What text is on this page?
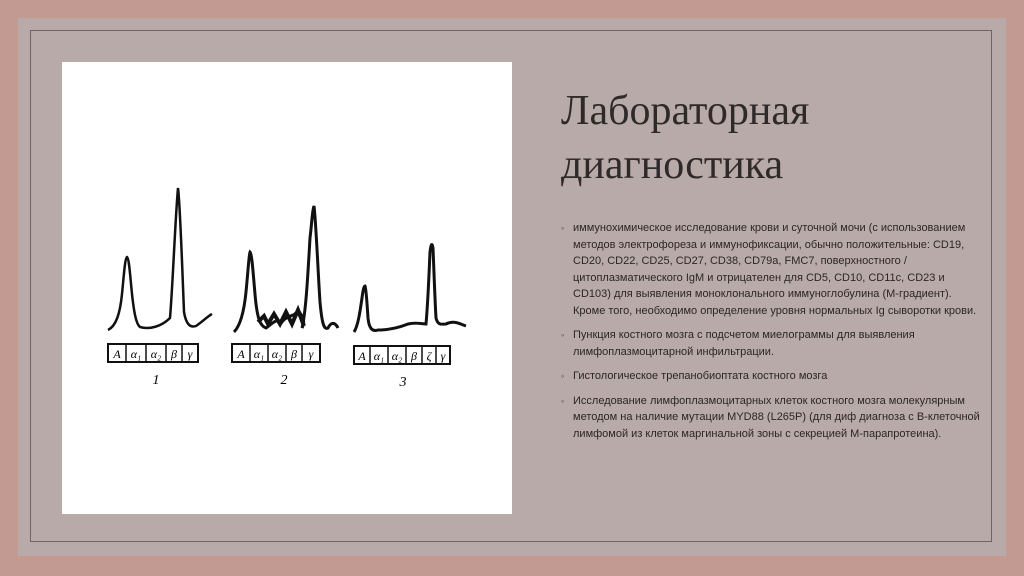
A α₁ α₂ β γ
1
A α₁ α₂ β γ
2
A α₁ α₂ β ζ γ
3
Лабораторная
диагностика
◦ иммунохимическое исследование крови и суточной мочи (с использованием методов электрофореза и иммунофиксации, обычно положительные: CD19, CD20, CD22, CD25, CD27, CD38, CD79a, FMC7, поверхностного / цитоплазматического IgM и отрицателен для CD5, CD10, CD11c, CD23 и CD103) для выявления моноклонального иммуноглобулина (М-градиент). Кроме того, необходимо определение уровня нормальных Ig сыворотки крови.
◦ Пункция костного мозга с подсчетом миелограммы для выявления лимфоплазмоцитарной инфильтрации.
◦ Гистологическое трепанобиоптата костного мозга
◦ Исследование лимфоплазмоцитарных клеток костного мозга молекулярным методом на наличие мутации MYD88 (L265P) (для диф диагноза с В-клеточной лимфомой из клеток маргинальной зоны с секрецией М-парапротеина).
